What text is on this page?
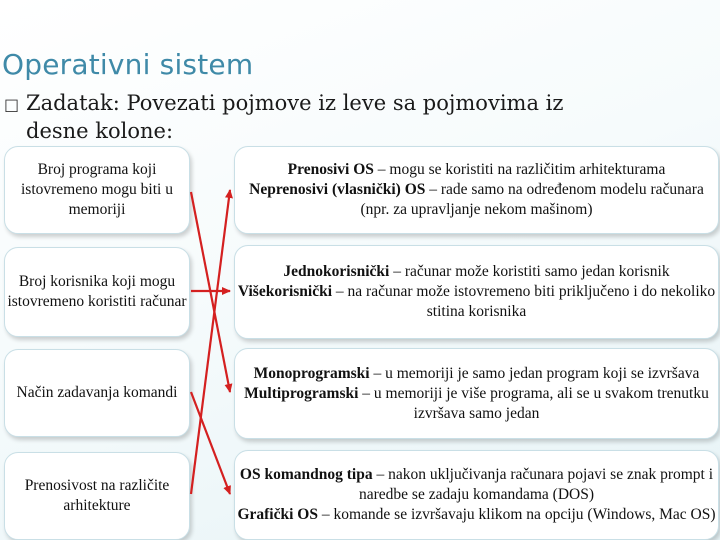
Operativni sistem
□ Zadatak: Povezati pojmove iz leve sa pojmovima iz
desne kolone:
Broj programa koji istovremeno mogu biti u memoriji
Broj korisnika koji mogu istovremeno koristiti računar
Način zadavanja komandi
Prenosivost na različite arhitekture
Prenosivi OS – mogu se koristiti na različitim arhitekturama
Neprenosivi (vlasnički) OS – rade samo na određenom modelu računara (npr. za upravljanje nekom mašinom)
Jednokorisnički – računar može koristiti samo jedan korisnik
Višekorisnički – na računar može istovremeno biti priključeno i do nekoliko stitina korisnika
Monoprogramski – u memoriji je samo jedan program koji se izvršava
Multiprogramski – u memoriji je više programa, ali se u svakom trenutku izvršava samo jedan
OS komandnog tipa – nakon uključivanja računara pojavi se znak prompt i naredbe se zadaju komandama (DOS)
Grafički OS – komande se izvršavaju klikom na opciju (Windows, Mac OS)
